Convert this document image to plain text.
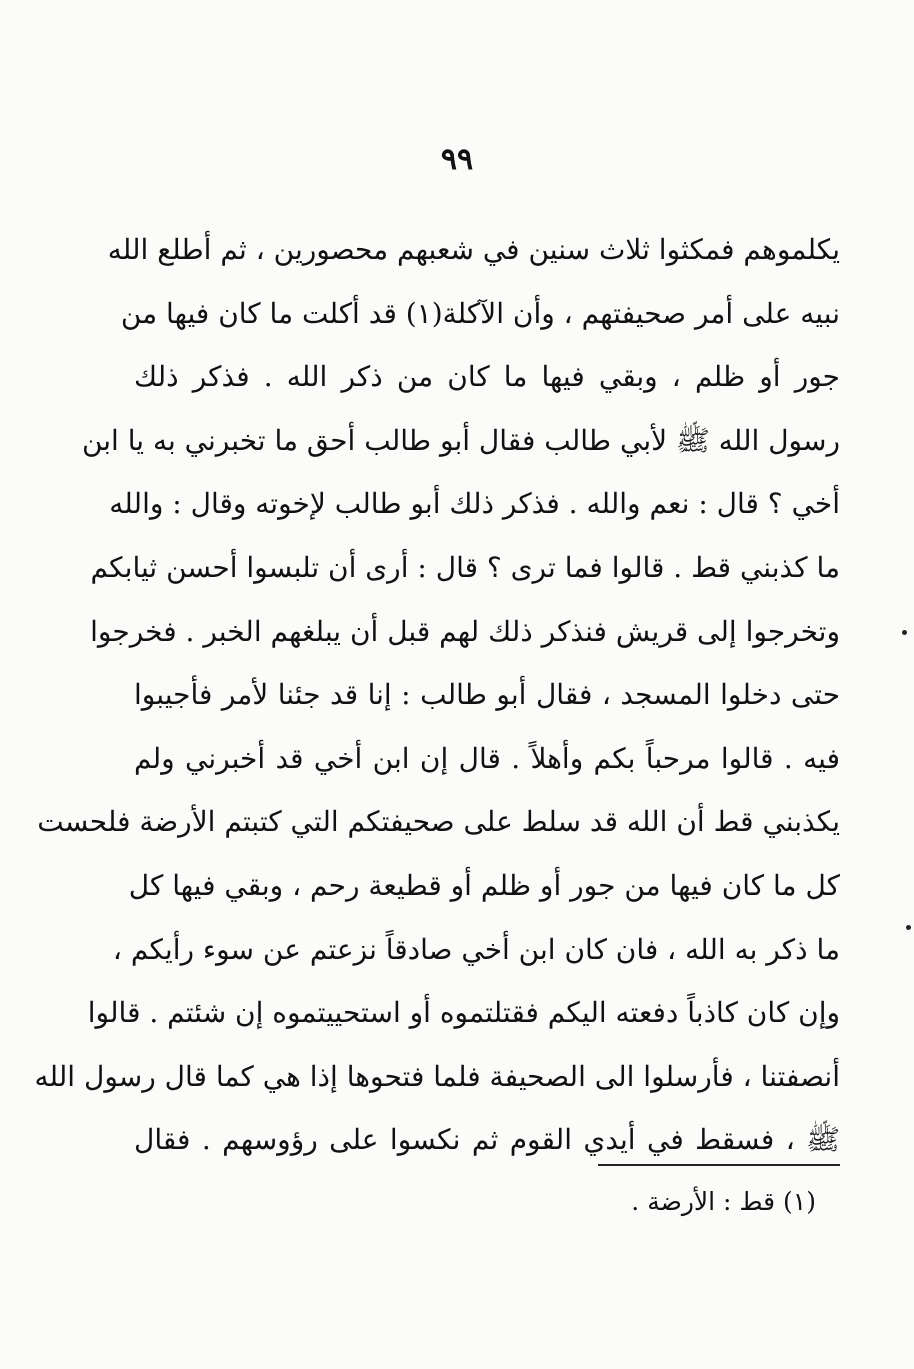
٩٩
يكلموهم فمكثوا ثلاث سنين في شعبهم محصورين ، ثم أطلع الله
نبيه على أمر صحيفتهم ، وأن الآكلة(١) قد أكلت ما كان فيها من
جور أو ظلم ، وبقي فيها ما كان من ذكر الله . فذكر ذلك
رسول الله ﷺ لأبي طالب فقال أبو طالب أحق ما تخبرني به يا ابن
أخي ؟ قال : نعم والله . فذكر ذلك أبو طالب لإخوته وقال : والله
ما كذبني قط . قالوا فما ترى ؟ قال : أرى أن تلبسوا أحسن ثيابكم
وتخرجوا إلى قريش فنذكر ذلك لهم قبل أن يبلغهم الخبر . فخرجوا
حتى دخلوا المسجد ، فقال أبو طالب : إنا قد جئنا لأمر فأجيبوا
فيه . قالوا مرحباً بكم وأهلاً . قال إن ابن أخي قد أخبرني ولم
يكذبني قط أن الله قد سلط على صحيفتكم التي كتبتم الأرضة فلحست
كل ما كان فيها من جور أو ظلم أو قطيعة رحم ، وبقي فيها كل
ما ذكر به الله ، فان كان ابن أخي صادقاً نزعتم عن سوء رأيكم ،
وإن كان كاذباً دفعته اليكم فقتلتموه أو استحييتموه إن شئتم . قالوا
أنصفتنا ، فأرسلوا الى الصحيفة فلما فتحوها إذا هي كما قال رسول الله
ﷺ ، فسقط في أيدي القوم ثم نكسوا على رؤوسهم . فقال
(١) قط : الأرضة .
